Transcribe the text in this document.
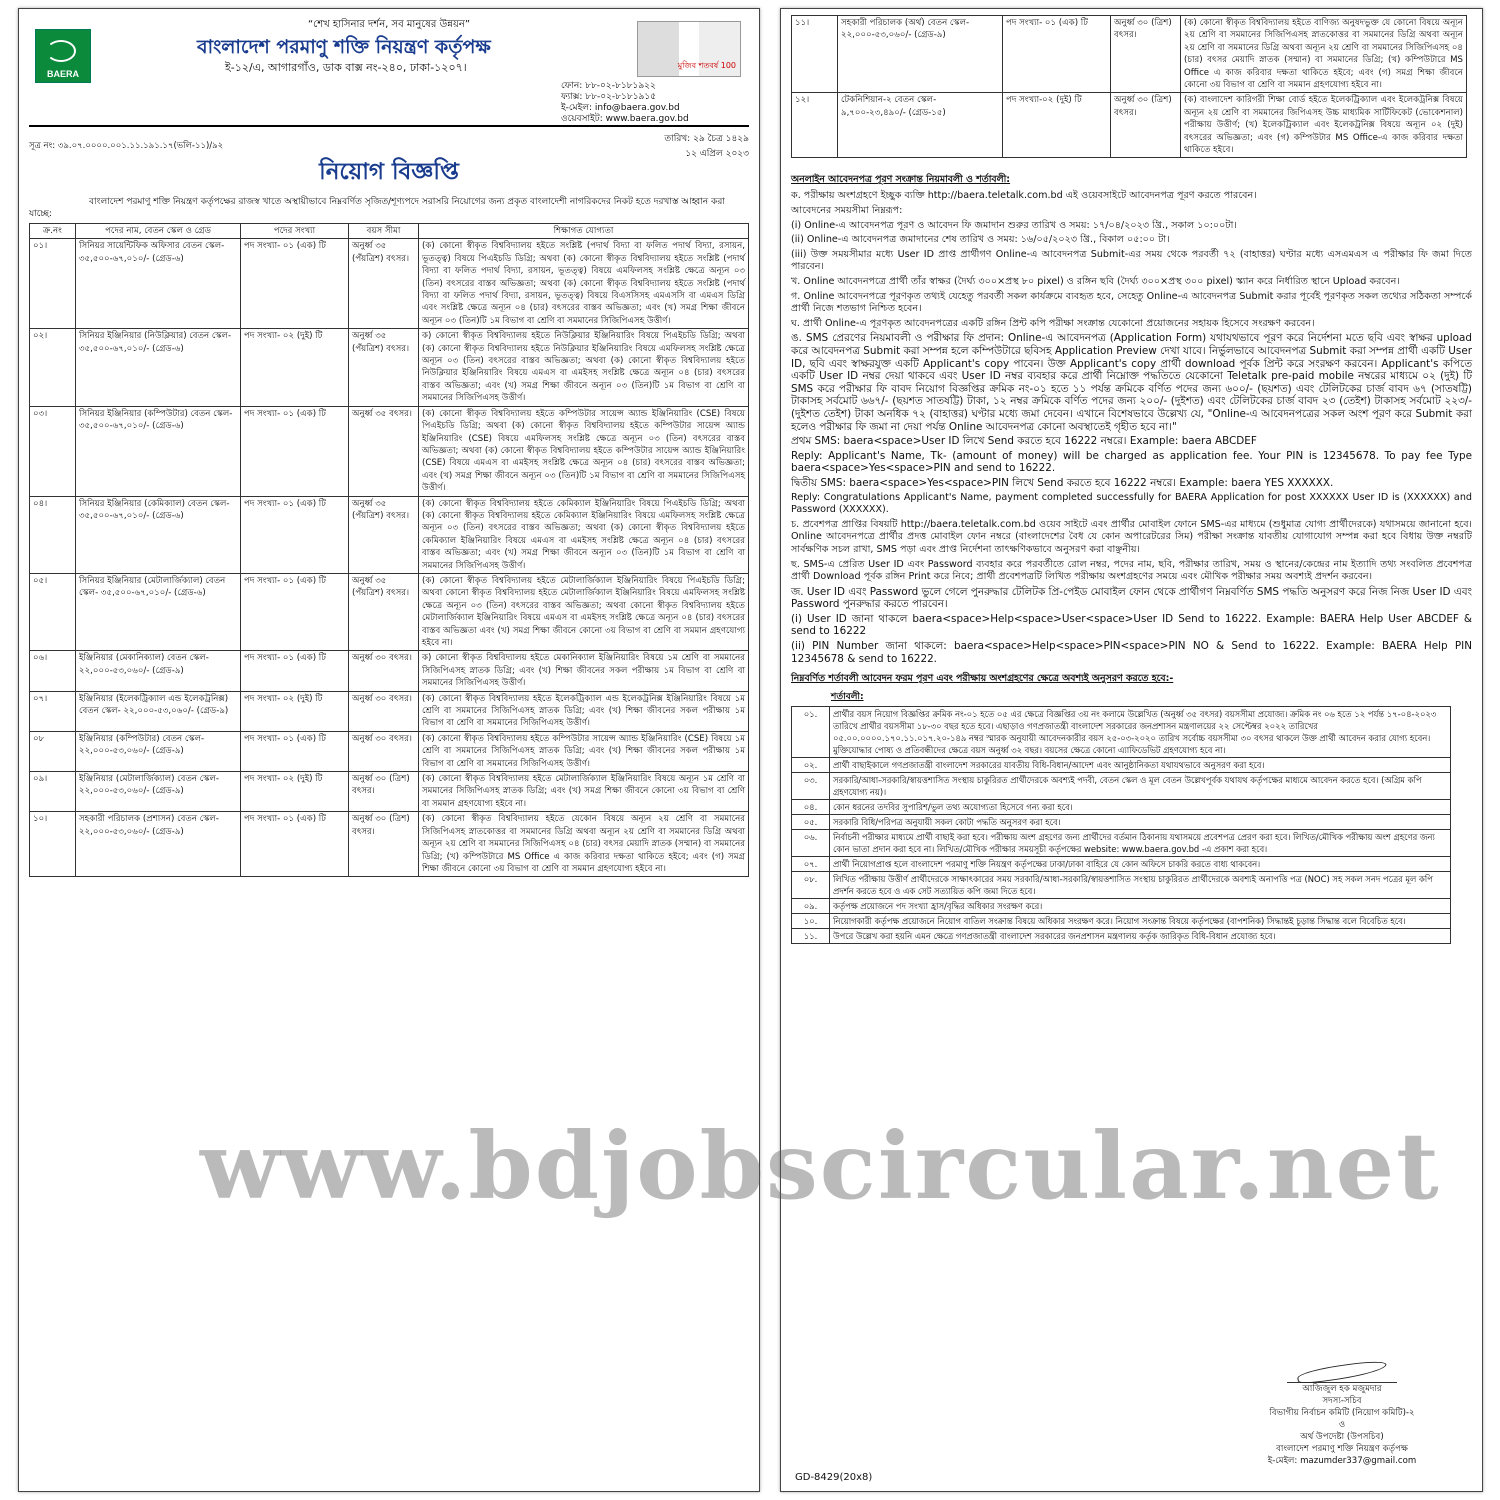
“শেখ হাসিনার দর্শন, সব মানুষের উন্নয়ন”
BAERA
বাংলাদেশ পরমাণু শক্তি নিয়ন্ত্রণ কর্তৃপক্ষ
ই-১২/এ, আগারগাঁও, ডাক বাক্স নং-২৪০, ঢাকা-১২০৭।	মুজিব শতবর্ষ 100
ফোন: ৮৮-০২-৮১৮১৯২২
ফ্যাক্স: ৮৮-০২-৮১৮১৯১৫
ই-মেইল: info@baera.gov.bd
ওয়েবসাইট: www.baera.gov.bd
সূত্র নং: ৩৯.০৭.০০০০.০০১.১১.১৯১.১৭(ভলি-১১)/৯২
তারিখ: ২৯ চৈত্র ১৪২৯
১২ এপ্রিল ২০২৩
নিয়োগ বিজ্ঞপ্তি
বাংলাদেশ পরমাণু শক্তি নিয়ন্ত্রণ কর্তৃপক্ষের রাজস্ব খাতে অস্থায়ীভাবে নিম্নবর্ণিত সৃজিত/শূণ্যপদে সরাসরি নিয়োগের জন্য প্রকৃত বাংলাদেশী নাগরিকদের নিকট হতে দরখাস্ত আহ্বান করা যাচ্ছে:
ক্র.নং	পদের নাম, বেতন স্কেল ও গ্রেড	পদের সংখ্যা	বয়স সীমা	শিক্ষাগত যোগ্যতা
০১।	সিনিয়র সায়েন্টিফিক অফিসার বেতন স্কেল- ৩৫,৫০০-৬৭,০১০/- (গ্রেড-৬)	পদ সংখ্যা- ০১ (এক) টি	অনুর্ধ্ব ৩৫ (পঁয়ত্রিশ) বৎসর।	(ক) কোনো স্বীকৃত বিশ্ববিদ্যালয় হইতে সংশ্লিষ্ট (পদার্থ বিদ্যা বা ফলিত পদার্থ বিদ্যা, রসায়ন, ভূতত্ত্ব) বিষয়ে পিএইচডি ডিগ্রি; অথবা (ক) কোনো স্বীকৃত বিশ্ববিদ্যালয় হইতে সংশ্লিষ্ট (পদার্থ বিদ্যা বা ফলিত পদার্থ বিদ্যা, রসায়ন, ভূতত্ত্ব) বিষয়ে এমফিলসহ সংশ্লিষ্ট ক্ষেত্রে অন্যূন ০৩ (তিন) বৎসরের বাস্তব অভিজ্ঞতা; অথবা (ক) কোনো স্বীকৃত বিশ্ববিদ্যালয় হইতে সংশ্লিষ্ট (পদার্থ বিদ্যা বা ফলিত পদার্থ বিদ্যা, রসায়ন, ভূতত্ত্ব) বিষয়ে বিএসসিসহ এমএসসি বা এমএস ডিগ্রি এবং সংশ্লিষ্ট ক্ষেত্রে অন্যূন ০৪ (চার) বৎসরের বাস্তব অভিজ্ঞতা; এবং (খ) সমগ্র শিক্ষা জীবনে অন্যূন ০৩ (তিন)টি ১ম বিভাগ বা শ্রেণি বা সমমানের সিজিপিএসহ উত্তীর্ণ।
০২।	সিনিয়র ইঞ্জিনিয়ার (নিউক্লিয়ার) বেতন স্কেল- ৩৫,৫০০-৬৭,০১০/- (গ্রেড-৬)	পদ সংখ্যা- ০২ (দুই) টি	অনুর্ধ্ব ৩৫ (পঁয়ত্রিশ) বৎসর।	ক) কোনো স্বীকৃত বিশ্ববিদ্যালয় হইতে নিউক্লিয়ার ইঞ্জিনিয়ারিং বিষয়ে পিএইচডি ডিগ্রি; অথবা (ক) কোনো স্বীকৃত বিশ্ববিদ্যালয় হইতে নিউক্লিয়ার ইঞ্জিনিয়ারিং বিষয়ে এমফিলসহ সংশ্লিষ্ট ক্ষেত্রে অন্যূন ০৩ (তিন) বৎসরের বাস্তব অভিজ্ঞতা; অথবা (ক) কোনো স্বীকৃত বিশ্ববিদ্যালয় হইতে নিউক্লিয়ার ইঞ্জিনিয়ারিং বিষয়ে এমএস বা এমইসহ সংশ্লিষ্ট ক্ষেত্রে অন্যূন ০৪ (চার) বৎসরের বাস্তব অভিজ্ঞতা; এবং (খ) সমগ্র শিক্ষা জীবনে অন্যূন ০৩ (তিন)টি ১ম বিভাগ বা শ্রেণি বা সমমানের সিজিপিএসহ উত্তীর্ণ।
০৩।	সিনিয়র ইঞ্জিনিয়ার (কম্পিউটার) বেতন স্কেল- ৩৫,৫০০-৬৭,০১০/- (গ্রেড-৬)	পদ সংখ্যা- ০১ (এক) টি	অনুর্ধ্ব ৩৫ বৎসর।	(ক) কোনো স্বীকৃত বিশ্ববিদ্যালয় হইতে কম্পিউটার সায়েন্স অ্যান্ড ইঞ্জিনিয়ারিং (CSE) বিষয়ে পিএইচডি ডিগ্রি; অথবা (ক) কোনো স্বীকৃত বিশ্ববিদ্যালয় হইতে কম্পিউটার সায়েন্স অ্যান্ড ইঞ্জিনিয়ারিং (CSE) বিষয়ে এমফিলসহ সংশ্লিষ্ট ক্ষেত্রে অন্যূন ০৩ (তিন) বৎসরের বাস্তব অভিজ্ঞতা; অথবা (ক) কোনো স্বীকৃত বিশ্ববিদ্যালয় হইতে কম্পিউটার সায়েন্স অ্যান্ড ইঞ্জিনিয়ারিং (CSE) বিষয়ে এমএস বা এমইসহ সংশ্লিষ্ট ক্ষেত্রে অন্যূন ০৪ (চার) বৎসরের বাস্তব অভিজ্ঞতা; এবং (খ) সমগ্র শিক্ষা জীবনে অন্যূন ০৩ (তিন)টি ১ম বিভাগ বা শ্রেণি বা সমমানের সিজিপিএসহ উত্তীর্ণ।
০৪।	সিনিয়র ইঞ্জিনিয়ার (কেমিক্যাল) বেতন স্কেল- ৩৫,৫০০-৬৭,০১০/- (গ্রেড-৬)	পদ সংখ্যা- ০১ (এক) টি	অনুর্ধ্ব ৩৫ (পঁয়ত্রিশ) বৎসর।	(ক) কোনো স্বীকৃত বিশ্ববিদ্যালয় হইতে কেমিক্যাল ইঞ্জিনিয়ারিং বিষয়ে পিএইচডি ডিগ্রি; অথবা (ক) কোনো স্বীকৃত বিশ্ববিদ্যালয় হইতে কেমিক্যাল ইঞ্জিনিয়ারিং বিষয়ে এমফিলসহ সংশ্লিষ্ট ক্ষেত্রে অন্যূন ০৩ (তিন) বৎসরের বাস্তব অভিজ্ঞতা; অথবা (ক) কোনো স্বীকৃত বিশ্ববিদ্যালয় হইতে কেমিক্যাল ইঞ্জিনিয়ারিং বিষয়ে এমএস বা এমইসহ সংশ্লিষ্ট ক্ষেত্রে অন্যূন ০৪ (চার) বৎসরের বাস্তব অভিজ্ঞতা; এবং (খ) সমগ্র শিক্ষা জীবনে অন্যূন ০৩ (তিন)টি ১ম বিভাগ বা শ্রেণি বা সমমানের সিজিপিএসহ উত্তীর্ণ।
০৫।	সিনিয়র ইঞ্জিনিয়ার (মেটালার্জিক্যাল) বেতন স্কেল- ৩৫,৫০০-৬৭,০১০/- (গ্রেড-৬)	পদ সংখ্যা- ০১ (এক) টি	অনুর্ধ্ব ৩৫ (পঁয়ত্রিশ) বৎসর।	(ক) কোনো স্বীকৃত বিশ্ববিদ্যালয় হইতে মেটালার্জিক্যাল ইঞ্জিনিয়ারিং বিষয়ে পিএইচডি ডিগ্রি; অথবা কোনো স্বীকৃত বিশ্ববিদ্যালয় হইতে মেটালার্জিক্যাল ইঞ্জিনিয়ারিং বিষয়ে এমফিলসহ সংশ্লিষ্ট ক্ষেত্রে অন্যূন ০৩ (তিন) বৎসরের বাস্তব অভিজ্ঞতা; অথবা কোনো স্বীকৃত বিশ্ববিদ্যালয় হইতে মেটালার্জিক্যাল ইঞ্জিনিয়ারিং বিষয়ে এমএস বা এমইসহ সংশ্লিষ্ট ক্ষেত্রে অন্যূন ০৪ (চার) বৎসরের বাস্তব অভিজ্ঞতা এবং (খ) সমগ্র শিক্ষা জীবনে কোনো ৩য় বিভাগ বা শ্রেণি বা সমমান গ্রহণযোগ্য হইবে না।
০৬।	ইঞ্জিনিয়ার (মেকানিক্যাল) বেতন স্কেল- ২২,০০০-৫৩,০৬০/- (গ্রেড-৯)	পদ সংখ্যা- ০১ (এক) টি	অনুর্ধ্ব ৩০ বৎসর।	ক) কোনো স্বীকৃত বিশ্ববিদ্যালয় হইতে মেকানিক্যাল ইঞ্জিনিয়ারিং বিষয়ে ১ম শ্রেণি বা সমমানের সিজিপিএসহ স্নাতক ডিগ্রি; এবং (খ) শিক্ষা জীবনের সকল পরীক্ষায় ১ম বিভাগ বা শ্রেণি বা সমমানের সিজিপিএসহ উত্তীর্ণ।
০৭।	ইঞ্জিনিয়ার (ইলেকট্রিক্যাল এন্ড ইলেকট্রনিক্স) বেতন স্কেল- ২২,০০০-৫৩,০৬০/- (গ্রেড-৯)	পদ সংখ্যা- ০২ (দুই) টি	অনুর্ধ্ব ৩০ বৎসর।	(ক) কোনো স্বীকৃত বিশ্ববিদ্যালয় হইতে ইলেকট্রিক্যাল এন্ড ইলেকট্রনিক্স ইঞ্জিনিয়ারিং বিষয়ে ১ম শ্রেণি বা সমমানের সিজিপিএসহ স্নাতক ডিগ্রি; এবং (খ) শিক্ষা জীবনের সকল পরীক্ষায় ১ম বিভাগ বা শ্রেণি বা সমমানের সিজিপিএসহ উত্তীর্ণ।
০৮	ইঞ্জিনিয়ার (কম্পিউটার) বেতন স্কেল- ২২,০০০-৫৩,০৬০/- (গ্রেড-৯)	পদ সংখ্যা- ০১ (এক) টি	অনুর্ধ্ব ৩০ বৎসর।	(ক) কোনো স্বীকৃত বিশ্ববিদ্যালয় হইতে কম্পিউটার সায়েন্স অ্যান্ড ইঞ্জিনিয়ারিং (CSE) বিষয়ে ১ম শ্রেণি বা সমমানের সিজিপিএসহ স্নাতক ডিগ্রি; এবং (খ) শিক্ষা জীবনের সকল পরীক্ষায় ১ম বিভাগ বা শ্রেণি বা সমমানের সিজিপিএসহ উত্তীর্ণ।
০৯।	ইঞ্জিনিয়ার (মেটালার্জিক্যাল) বেতন স্কেল- ২২,০০০-৫৩,০৬০/- (গ্রেড-৯)	পদ সংখ্যা- ০২ (দুই) টি	অনুর্ধ্ব ৩০ (ত্রিশ) বৎসর।	(ক) কোনো স্বীকৃত বিশ্ববিদ্যালয় হইতে মেটালার্জিক্যাল ইঞ্জিনিয়ারিং বিষয়ে অন্যূন ১ম শ্রেণি বা সমমানের সিজিপিএসহ স্নাতক ডিগ্রি; এবং (খ) সমগ্র শিক্ষা জীবনে কোনো ৩য় বিভাগ বা শ্রেণি বা সমমান গ্রহণযোগ্য হইবে না।
১০।	সহকারী পরিচালক (প্রশাসন) বেতন স্কেল- ২২,০০০-৫৩,০৬০/- (গ্রেড-৯)	পদ সংখ্যা- ০১ (এক) টি	অনুর্ধ্ব ৩০ (ত্রিশ) বৎসর।	(ক) কোনো স্বীকৃত বিশ্ববিদ্যালয় হইতে যেকোন বিষয়ে অন্যূন ২য় শ্রেণি বা সমমানের সিজিপিএসহ স্নাতকোত্তর বা সমমানের ডিগ্রি অথবা অন্যূন ২য় শ্রেণি বা সমমানের ডিগ্রি অথবা অন্যূন ২য় শ্রেণি বা সমমানের সিজিপিএসহ ০৪ (চার) বৎসর মেয়াদি স্নাতক (সম্মান) বা সমমানের ডিগ্রি; (খ) কম্পিউটারে MS Office এ কাজ করিবার দক্ষতা থাকিতে হইবে; এবং (গ) সমগ্র শিক্ষা জীবনে কোনো ৩য় বিভাগ বা শ্রেণি বা সমমান গ্রহণযোগ্য হইবে না।
১১।	সহকারী পরিচালক (অর্থ) বেতন স্কেল- ২২,০০০-৫৩,০৬০/- (গ্রেড-৯)	পদ সংখ্যা- ০১ (এক) টি	অনুর্ধ্ব ৩০ (ত্রিশ) বৎসর।	(ক) কোনো স্বীকৃত বিশ্ববিদ্যালয় হইতে বাণিজ্য অনুষদভুক্ত যে কোনো বিষয়ে অন্যূন ২য় শ্রেণি বা সমমানের সিজিপিএসহ স্নাতকোত্তর বা সমমানের ডিগ্রি অথবা অন্যূন ২য় শ্রেণি বা সমমানের ডিগ্রি অথবা অন্যূন ২য় শ্রেণি বা সমমানের সিজিপিএসহ ০৪ (চার) বৎসর মেয়াদি স্নাতক (সম্মান) বা সমমানের ডিগ্রি; (খ) কম্পিউটারে MS Office এ কাজ করিবার দক্ষতা থাকিতে হইবে; এবং (গ) সমগ্র শিক্ষা জীবনে কোনো ৩য় বিভাগ বা শ্রেণি বা সমমান গ্রহণযোগ্য হইবে না।
১২।	টেকনিশিয়ান-২ বেতন স্কেল- ৯,৭০০-২৩,৪৯০/- (গ্রেড-১৫)	পদ সংখ্যা-০২ (দুই) টি	অনুর্ধ্ব ৩০ (ত্রিশ) বৎসর।	(ক) বাংলাদেশ কারিগরী শিক্ষা বোর্ড হইতে ইলেকট্রিক্যাল এবং ইলেকট্রনিক্স বিষয়ে অন্যূন ২য় শ্রেণি বা সমমানের জিপিএসহ উচ্চ মাধ্যমিক সার্টিফিকেট (ভোকেশনাল) পরীক্ষায় উত্তীর্ণ; (খ) ইলেকট্রিক্যাল এবং ইলেকট্রনিক্স বিষয়ে অন্যূন ০২ (দুই) বৎসরের অভিজ্ঞতা; এবং (গ) কম্পিউটার MS Office-এ কাজ করিবার দক্ষতা থাকিতে হইবে।
অনলাইন আবেদনপত্র পূরণ সংক্রান্ত নিয়মাবলী ও শর্তাবলী:

ক. পরীক্ষায় অংশগ্রহণে ইচ্ছুক ব্যক্তি http://baera.teletalk.com.bd এই ওয়েবসাইটে আবেদনপত্র পূরণ করতে পারবেন।

আবেদনের সময়সীমা নিম্নরূপ:

(i) Online-এ আবেদনপত্র পূরণ ও আবেদন ফি জমাদান শুরুর তারিখ ও সময়: ১৭/০৪/২০২৩ খ্রি., সকাল ১০:০০টা।

(ii) Online-এ আবেদনপত্র জমাদানের শেষ তারিখ ও সময়: ১৬/০৫/২০২৩ খ্রি., বিকাল ০৫:০০ টা।

(iii) উক্ত সময়সীমার মধ্যে User ID প্রাপ্ত প্রার্থীগণ Online-এ আবেদনপত্র Submit-এর সময় থেকে পরবর্তী ৭২ (বাহাত্তর) ঘণ্টার মধ্যে এসএমএস এ পরীক্ষার ফি জমা দিতে পারবেন।

খ. Online আবেদনপত্রে প্রার্থী তাঁর স্বাক্ষর (দৈর্ঘ্য ৩০০×প্রস্থ ৮০ pixel) ও রঙ্গিন ছবি (দৈর্ঘ্য ৩০০×প্রস্থ ৩০০ pixel) স্ক্যান করে নির্ধারিত স্থানে Upload করবেন।

গ. Online আবেদনপত্রে পূরণকৃত তথ্যই যেহেতু পরবর্তী সকল কার্যক্রমে ব্যবহৃত হবে, সেহেতু Online-এ আবেদনপত্র Submit করার পূর্বেই পূরণকৃত সকল তথ্যের সঠিকতা সম্পর্কে প্রার্থী নিজে শতভাগ নিশ্চিত হবেন।

ঘ. প্রার্থী Online-এ পূরণকৃত আবেদনপত্রের একটি রঙ্গিন প্রিন্ট কপি পরীক্ষা সংক্রান্ত যেকোনো প্রয়োজনের সহায়ক হিসেবে সংরক্ষণ করবেন।

ঙ. SMS প্রেরণের নিয়মাবলী ও পরীক্ষার ফি প্রদান: Online-এ আবেদনপত্র (Application Form) যথাযথভাবে পূরণ করে নির্দেশনা মতে ছবি এবং স্বাক্ষর upload করে আবেদনপত্র Submit করা সম্পন্ন হলে কম্পিউটারে ছবিসহ Application Preview দেখা যাবে। নির্ভুলভাবে আবেদনপত্র Submit করা সম্পন্ন প্রার্থী একটি User ID, ছবি এবং স্বাক্ষরযুক্ত একটি Applicant's copy পাবেন। উক্ত Applicant's copy প্রার্থী download পূর্বক প্রিন্ট করে সংরক্ষণ করবেন। Applicant's কপিতে একটি User ID নম্বর দেয়া থাকবে এবং User ID নম্বর ব্যবহার করে প্রার্থী নিম্নোক্ত পদ্ধতিতে যেকোনো Teletalk pre-paid mobile নম্বরের মাধ্যমে ০২ (দুই) টি SMS করে পরীক্ষার ফি বাবদ নিয়োগ বিজ্ঞপ্তির ক্রমিক নং-০১ হতে ১১ পর্যন্ত ক্রমিকে বর্ণিত পদের জন্য ৬০০/- (ছয়শত) এবং টেলিটকের চার্জ বাবদ ৬৭ (সাতষট্টি) টাকাসহ সর্বমোট ৬৬৭/- (ছয়শত সাতষট্টি) টাকা, ১২ নম্বর ক্রমিকে বর্ণিত পদের জন্য ২০০/- (দুইশত) এবং টেলিটকের চার্জ বাবদ ২৩ (তেইশ) টাকাসহ সর্বমোট ২২৩/- (দুইশত তেইশ) টাকা অনধিক ৭২ (বাহাত্তর) ঘণ্টার মধ্যে জমা দেবেন। এখানে বিশেষভাবে উল্লেখ্য যে, "Online-এ আবেদনপত্রের সকল অংশ পূরণ করে Submit করা হলেও পরীক্ষার ফি জমা না দেয়া পর্যন্ত Online আবেদনপত্র কোনো অবস্থাতেই গৃহীত হবে না।"

প্রথম SMS: baera<space>User ID লিখে Send করতে হবে 16222 নম্বরে। Example: baera ABCDEF

Reply: Applicant's Name, Tk- (amount of money) will be charged as application fee. Your PIN is 12345678. To pay fee Type baera<space>Yes<space>PIN and send to 16222.

দ্বিতীয় SMS: baera<space>Yes<space>PIN লিখে Send করতে হবে 16222 নম্বরে। Example: baera YES XXXXXX.

Reply: Congratulations Applicant's Name, payment completed successfully for BAERA Application for post XXXXXX User ID is (XXXXXX) and Password (XXXXXX).

চ. প্রবেশপত্র প্রাপ্তির বিষয়টি http://baera.teletalk.com.bd ওয়েব সাইটে এবং প্রার্থীর মোবাইল ফোনে SMS-এর মাধ্যমে (শুধুমাত্র যোগ্য প্রার্থীদেরকে) যথাসময়ে জানানো হবে। Online আবেদনপত্রে প্রার্থীর প্রদত্ত মোবাইল ফোন নম্বরে (বাংলাদেশের বৈধ যে কোন অপারেটরের সিম) পরীক্ষা সংক্রান্ত যাবতীয় যোগাযোগ সম্পন্ন করা হবে বিধায় উক্ত নম্বরটি সার্বক্ষণিক সচল রাখা, SMS পড়া এবং প্রাপ্ত নির্দেশনা তাৎক্ষণিকভাবে অনুসরণ করা বাঞ্ছনীয়।

ছ. SMS-এ প্রেরিত User ID এবং Password ব্যবহার করে পরবর্তীতে রোল নম্বর, পদের নাম, ছবি, পরীক্ষার তারিখ, সময় ও স্থানের/কেন্দ্রের নাম ইত্যাদি তথ্য সংবলিত প্রবেশপত্র প্রার্থী Download পূর্বক রঙ্গিন Print করে নিবে; প্রার্থী প্রবেশপত্রটি লিখিত পরীক্ষায় অংশগ্রহণের সময়ে এবং মৌখিক পরীক্ষার সময় অবশ্যই প্রদর্শন করবেন।

জ. User ID এবং Password ভুলে গেলে পুনরুদ্ধার টেলিটক প্রি-পেইড মোবাইল ফোন থেকে প্রার্থীগণ নিম্নবর্ণিত SMS পদ্ধতি অনুসরণ করে নিজ নিজ User ID এবং Password পুনরুদ্ধার করতে পারবেন।

(i) User ID জানা থাকলে baera<space>Help<space>User<space>User ID Send to 16222. Example: BAERA Help User ABCDEF & send to 16222

(ii) PIN Number জানা থাকলে: baera<space>Help<space>PIN<space>PIN NO & Send to 16222. Example: BAERA Help PIN 12345678 & send to 16222.

নিম্নবর্ণিত শর্তাবলী আবেদন ফরম পূরণ এবং পরীক্ষায় অংশগ্রহণের ক্ষেত্রে অবশ্যই অনুসরণ করতে হবে:-
শর্তাবলী:
০১.	প্রার্থীর বয়স নিয়োগ বিজ্ঞপ্তির ক্রমিক নং-০১ হতে ০৫ এর ক্ষেত্রে বিজ্ঞপ্তির ৩য় নং কলামে উল্লেখিত (অনুর্ধ্ব ৩৫ বৎসর) বয়সসীমা প্রযোজ্য। ক্রমিক নং ০৬ হতে ১২ পর্যন্ত ১৭-০৪-২০২৩ তারিখে প্রার্থীর বয়সসীমা ১৮-৩০ বছর হতে হবে। এছাড়াও গণপ্রজাতন্ত্রী বাংলাদেশ সরকারের জনপ্রশাসন মন্ত্রণালয়ের ২২ সেপ্টেম্বর ২০২২ তারিখের ০৫.০০.০০০০.১৭০.১১.০১৭.২০-১৪৯ নম্বর স্মারক অনুযায়ী আবেদনকারীর বয়স ২৫-০৩-২০২০ তারিখ সর্বোচ্চ বয়সসীমা ৩০ বৎসর থাকলে উক্ত প্রার্থী আবেদন করার যোগ্য হবেন। মুক্তিযোদ্ধার পোষ্য ও প্রতিবন্ধীদের ক্ষেত্রে বয়স অনুর্ধ্ব ৩২ বছর। বয়সের ক্ষেত্রে কোনো এ্যাফিডেভিট গ্রহণযোগ্য হবে না।
০২.	প্রার্থী বাছাইকালে গণপ্রজাতন্ত্রী বাংলাদেশ সরকারের যাবতীয় বিধি-বিধান/আদেশ এবং আনুষ্ঠানিকতা যথাযথভাবে অনুসরণ করা হবে।
০৩.	সরকারি/আধা-সরকারি/স্বায়ত্তশাসিত সংস্থায় চাকুরিরত প্রার্থীদেরকে অবশ্যই পদবী, বেতন স্কেল ও মূল বেতন উল্লেখপূর্বক যথাযথ কর্তৃপক্ষের মাধ্যমে আবেদন করতে হবে। (অগ্রিম কপি গ্রহণযোগ্য নয়)।
০৪.	কোন ধরনের তদবির সুপারিশ/ভুল তথ্য অযোগ্যতা হিসেবে গন্য করা হবে।
০৫.	সরকারি বিধি/পরিপত্র অনুযায়ী সকল কোটা পদ্ধতি অনুসরণ করা হবে।
০৬.	নির্বাচনী পরীক্ষার মাধ্যমে প্রার্থী বাছাই করা হবে। পরীক্ষায় অংশ গ্রহণের জন্য প্রার্থীদের বর্তমান ঠিকানায় যথাসময়ে প্রবেশপত্র প্রেরণ করা হবে। লিখিত/মৌখিক পরীক্ষায় অংশ গ্রহণের জন্য কোন ভাতা প্রদান করা হবে না। লিখিত/মৌখিক পরীক্ষার সময়সূচী কর্তৃপক্ষের website: www.baera.gov.bd -এ প্রকাশ করা হবে।
০৭.	প্রার্থী নিয়োগপ্রাপ্ত হলে বাংলাদেশ পরমাণু শক্তি নিয়ন্ত্রণ কর্তৃপক্ষের ঢাকা/ঢাকা বাহিরে যে কোন অফিসে চাকরি করতে বাধ্য থাকবেন।
০৮.	লিখিত পরীক্ষায় উত্তীর্ণ প্রার্থীদেরকে সাক্ষাৎকারের সময় সরকারি/আধা-সরকারি/স্বায়ত্তশাসিত সংস্থায় চাকুরিরত প্রার্থীদেরকে অবশ্যই অনাপত্তি পত্র (NOC) সহ সকল সনদ পত্রের মূল কপি প্রদর্শন করতে হবে ও এক সেট সত্যায়িত কপি জমা দিতে হবে।
০৯.	কর্তৃপক্ষ প্রয়োজনে পদ সংখ্যা হ্রাস/বৃদ্ধির অধিকার সংরক্ষণ করে।
১০.	নিয়োগকারী কর্তৃপক্ষ প্রয়োজনে নিয়োগ বাতিল সংক্রান্ত বিষয়ে অধিকার সংরক্ষণ করে। নিয়োগ সংক্রান্ত বিষয়ে কর্তৃপক্ষের (বাপশনিক) সিদ্ধান্তই চূড়ান্ত সিদ্ধান্ত বলে বিবেচিত হবে।
১১.	উপরে উল্লেখ করা হয়নি এমন ক্ষেত্রে গণপ্রজাতন্ত্রী বাংলাদেশ সরকারের জনপ্রশাসন মন্ত্রণালয় কর্তৃক জারিকৃত বিধি-বিধান প্রযোজ্য হবে।
আজিজুল হক মজুমদার
সদস্য-সচিব
বিভাগীয় নির্বাচন কমিটি (নিয়োগ কমিটি)-২
ও
অর্থ উপদেষ্টা (উপসচিব)
বাংলাদেশ পরমাণু শক্তি নিয়ন্ত্রণ কর্তৃপক্ষ
ই-মেইল: mazumder337@gmail.com
GD-8429(20x8)
www.bdjobscircular.net
